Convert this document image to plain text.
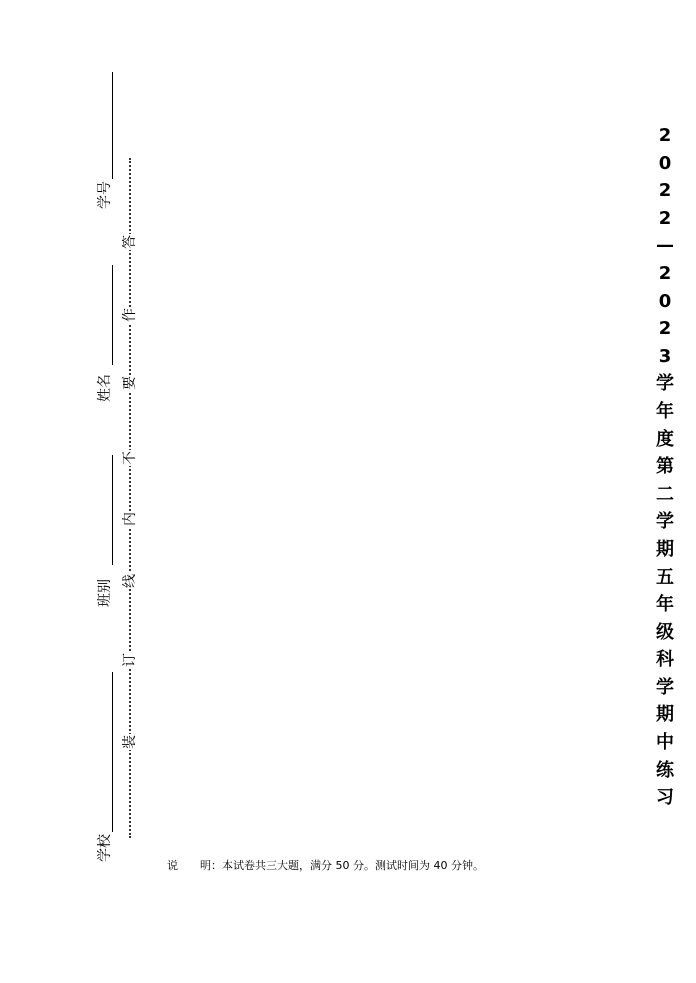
2
0
2
2
—
2
0
2
3
学
年
度
第
二
学
期
五
年
级
科
学
期
中
练
习
学号
姓名
班别
学校
装
订
线
内
不
要
作
答
说 明：本试卷共三大题，满分 50 分。测试时间为 40 分钟。
